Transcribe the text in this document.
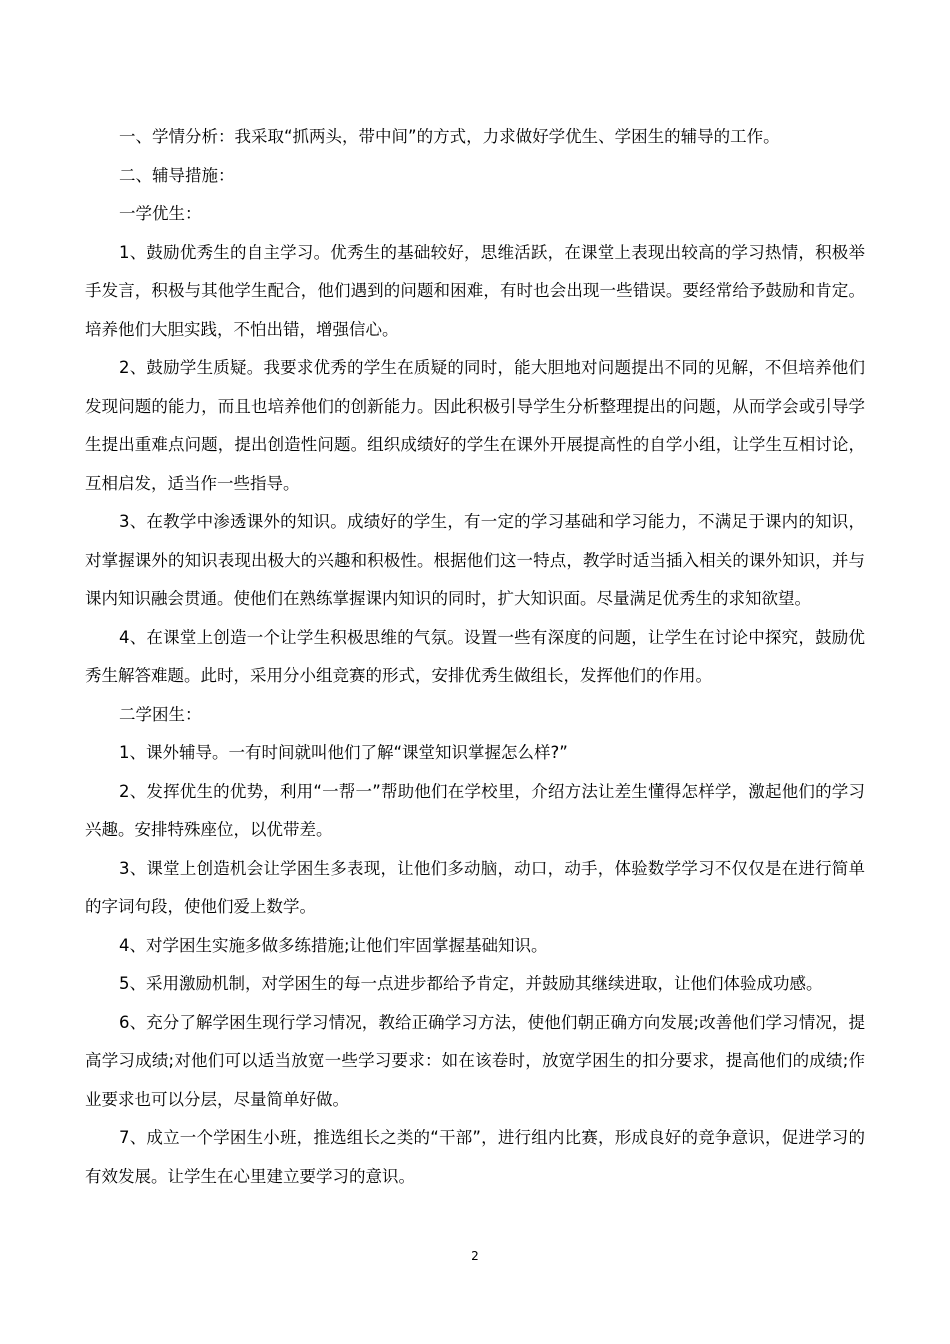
一、学情分析：我采取“抓两头，带中间”的方式，力求做好学优生、学困生的辅导的工作。

二、辅导措施：

一学优生：

1、鼓励优秀生的自主学习。优秀生的基础较好，思维活跃，在课堂上表现出较高的学习热情，积极举手发言，积极与其他学生配合，他们遇到的问题和困难，有时也会出现一些错误。要经常给予鼓励和肯定。培养他们大胆实践，不怕出错，增强信心。

2、鼓励学生质疑。我要求优秀的学生在质疑的同时，能大胆地对问题提出不同的见解，不但培养他们发现问题的能力，而且也培养他们的创新能力。因此积极引导学生分析整理提出的问题，从而学会或引导学生提出重难点问题，提出创造性问题。组织成绩好的学生在课外开展提高性的自学小组，让学生互相讨论，互相启发，适当作一些指导。

3、在教学中渗透课外的知识。成绩好的学生，有一定的学习基础和学习能力，不满足于课内的知识，对掌握课外的知识表现出极大的兴趣和积极性。根据他们这一特点，教学时适当插入相关的课外知识，并与课内知识融会贯通。使他们在熟练掌握课内知识的同时，扩大知识面。尽量满足优秀生的求知欲望。

4、在课堂上创造一个让学生积极思维的气氛。设置一些有深度的问题，让学生在讨论中探究，鼓励优秀生解答难题。此时，采用分小组竞赛的形式，安排优秀生做组长，发挥他们的作用。

二学困生：

1、课外辅导。一有时间就叫他们了解“课堂知识掌握怎么样?”

2、发挥优生的优势，利用“一帮一”帮助他们在学校里，介绍方法让差生懂得怎样学，激起他们的学习兴趣。安排特殊座位，以优带差。

3、课堂上创造机会让学困生多表现，让他们多动脑，动口，动手，体验数学学习不仅仅是在进行简单的字词句段，使他们爱上数学。

4、对学困生实施多做多练措施;让他们牢固掌握基础知识。

5、采用激励机制，对学困生的每一点进步都给予肯定，并鼓励其继续进取，让他们体验成功感。

6、充分了解学困生现行学习情况，教给正确学习方法，使他们朝正确方向发展;改善他们学习情况，提高学习成绩;对他们可以适当放宽一些学习要求：如在该卷时，放宽学困生的扣分要求，提高他们的成绩;作业要求也可以分层，尽量简单好做。

7、成立一个学困生小班，推选组长之类的“干部”，进行组内比赛，形成良好的竞争意识，促进学习的有效发展。让学生在心里建立要学习的意识。

2
